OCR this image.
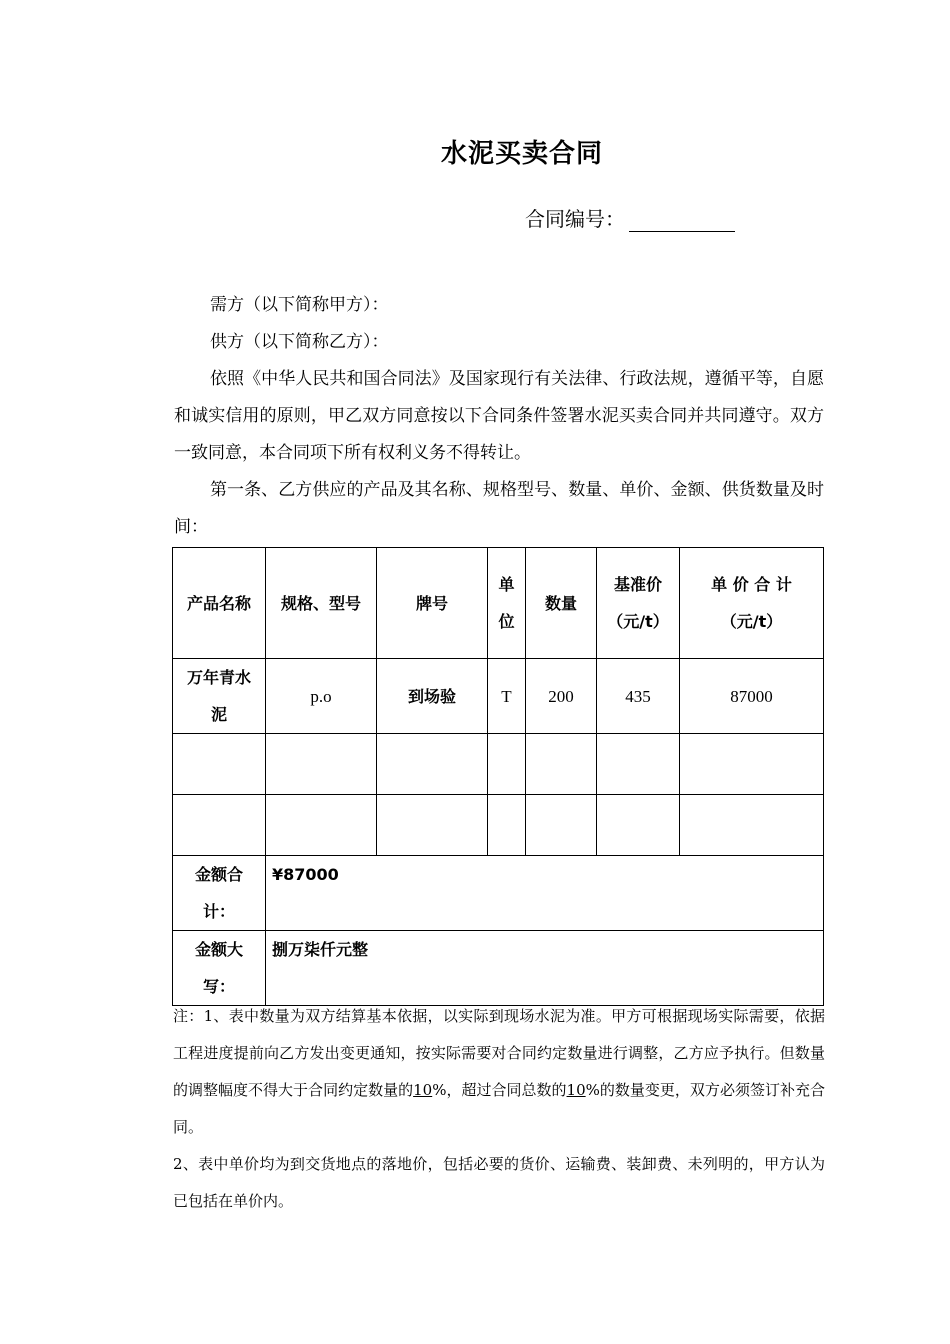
水泥买卖合同
合同编号：

需方（以下简称甲方）：

供方（以下简称乙方）：

依照《中华人民共和国合同法》及国家现行有关法律、行政法规，遵循平等，自愿和诚实信用的原则，甲乙双方同意按以下合同条件签署水泥买卖合同并共同遵守。双方一致同意，本合同项下所有权利义务不得转让。

第一条、乙方供应的产品及其名称、规格型号、数量、单价、金额、供货数量及时间：

产品名称	规格、型号	牌号	单位	数量	基准价（元/t）	单 价 合 计（元/t）
万年青水泥	p.o	到场验	T	200	435	87000

金额合计：	¥87000					
金额大写：	捌万柒仟元整					

注：1、表中数量为双方结算基本依据，以实际到现场水泥为准。甲方可根据现场实际需要，依据工程进度提前向乙方发出变更通知，按实际需要对合同约定数量进行调整，乙方应予执行。但数量的调整幅度不得大于合同约定数量的10%，超过合同总数的10%的数量变更，双方必须签订补充合同。

2、表中单价均为到交货地点的落地价，包括必要的货价、运输费、装卸费、未列明的，甲方认为已包括在单价内。
